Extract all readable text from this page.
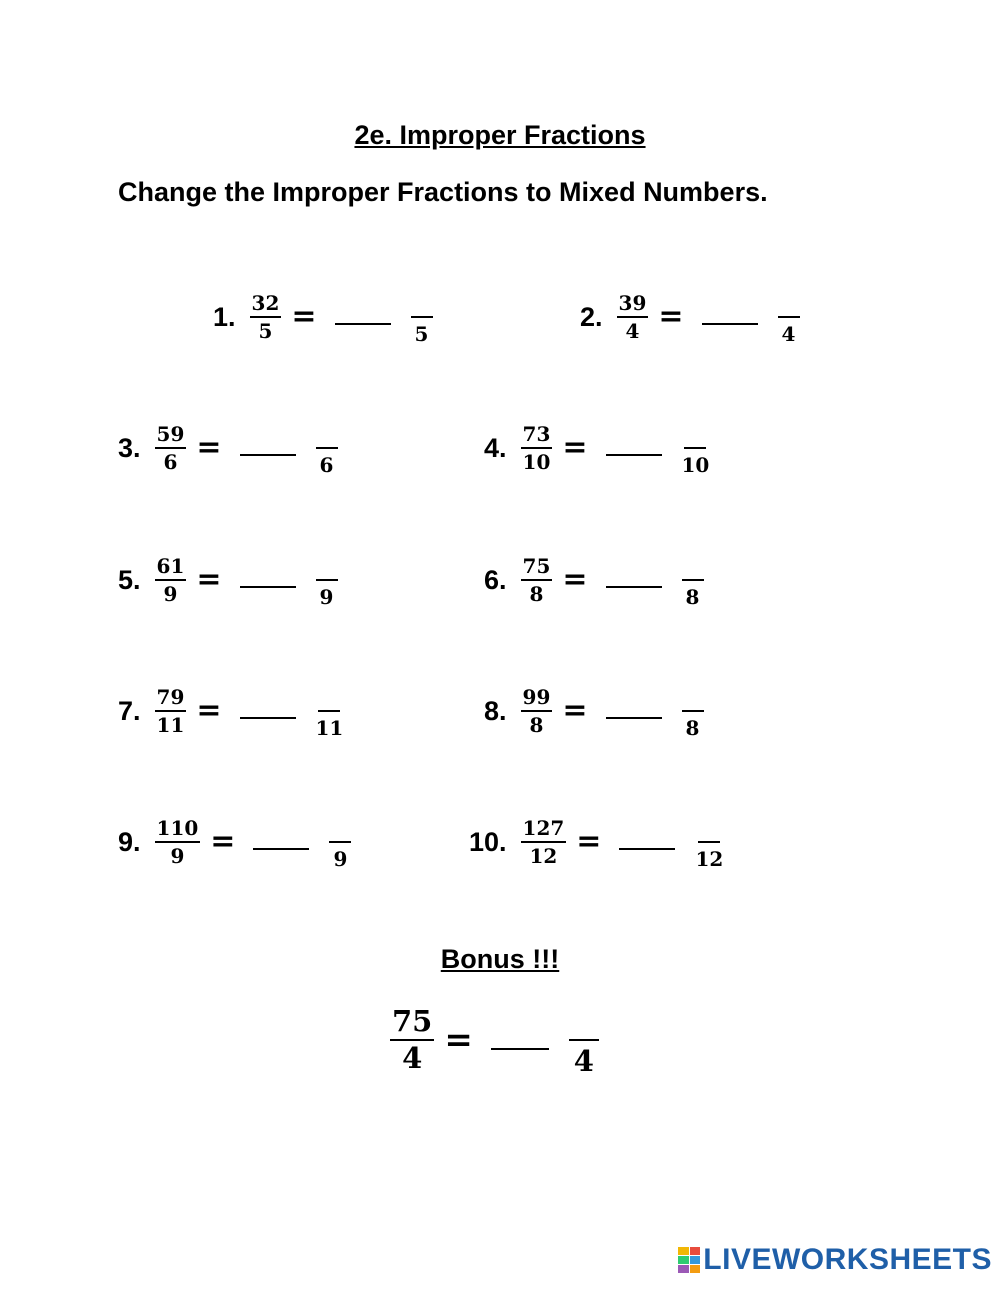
2e. Improper Fractions
Change the Improper Fractions to Mixed Numbers.
1. $\frac{32}{5}$ =	5
2. $\frac{39}{4}$ =	4
3. $\frac{59}{6}$ =	6
4. $\frac{73}{10}$ =	10
5. $\frac{61}{9}$ =	9
6. $\frac{75}{8}$ =	8
7. $\frac{79}{11}$ =	11
8. $\frac{99}{8}$ =	8
9. $\frac{110}{9}$ =	9
10. $\frac{127}{12}$ =	12
Bonus !!!
$\frac{75}{4}$ =
4
LIVEWORKSHEETS
